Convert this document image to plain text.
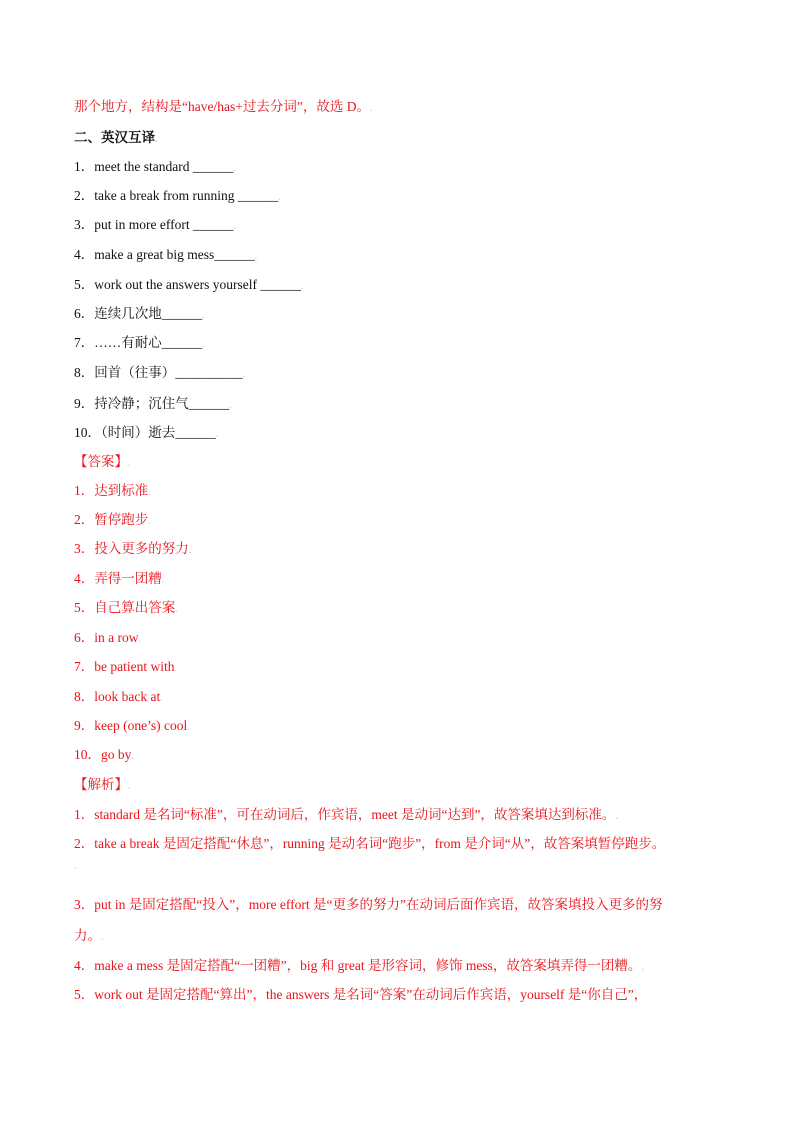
那个地方，结构是“have/has+过去分词”，故选 D。.
二、英汉互译.
1．meet the standard ______.
2．take a break from running ______.
3．put in more effort ______.
4．make a great big mess______.
5．work out the answers yourself ______.
6．连续几次地______.
7．……有耐心______.
8．回首（往事）__________.
9．持冷静；沉住气______.
10．（时间）逝去______.
【答案】.
1．达到标准.
2．暂停跑步.
3．投入更多的努力.
4．弄得一团糟.
5．自己算出答案.
6．in a row.
7．be patient with.
8．look back at.
9．keep (one’s) cool.
10．go by.
【解析】.
1．standard 是名词“标准”，可在动词后，作宾语，meet 是动词“达到”，故答案填达到标准。.
2．take a break 是固定搭配“休息”，running 是动名词“跑步”，from 是介词“从”，故答案填暂停跑步。
.
3．put in 是固定搭配“投入”，more effort 是“更多的努力”在动词后面作宾语，故答案填投入更多的努
力。.
4．make a mess 是固定搭配“一团糟”，big 和 great 是形容词，修饰 mess，故答案填弄得一团糟。.
5．work out 是固定搭配“算出”，the answers 是名词“答案”在动词后作宾语，yourself 是“你自己”，
